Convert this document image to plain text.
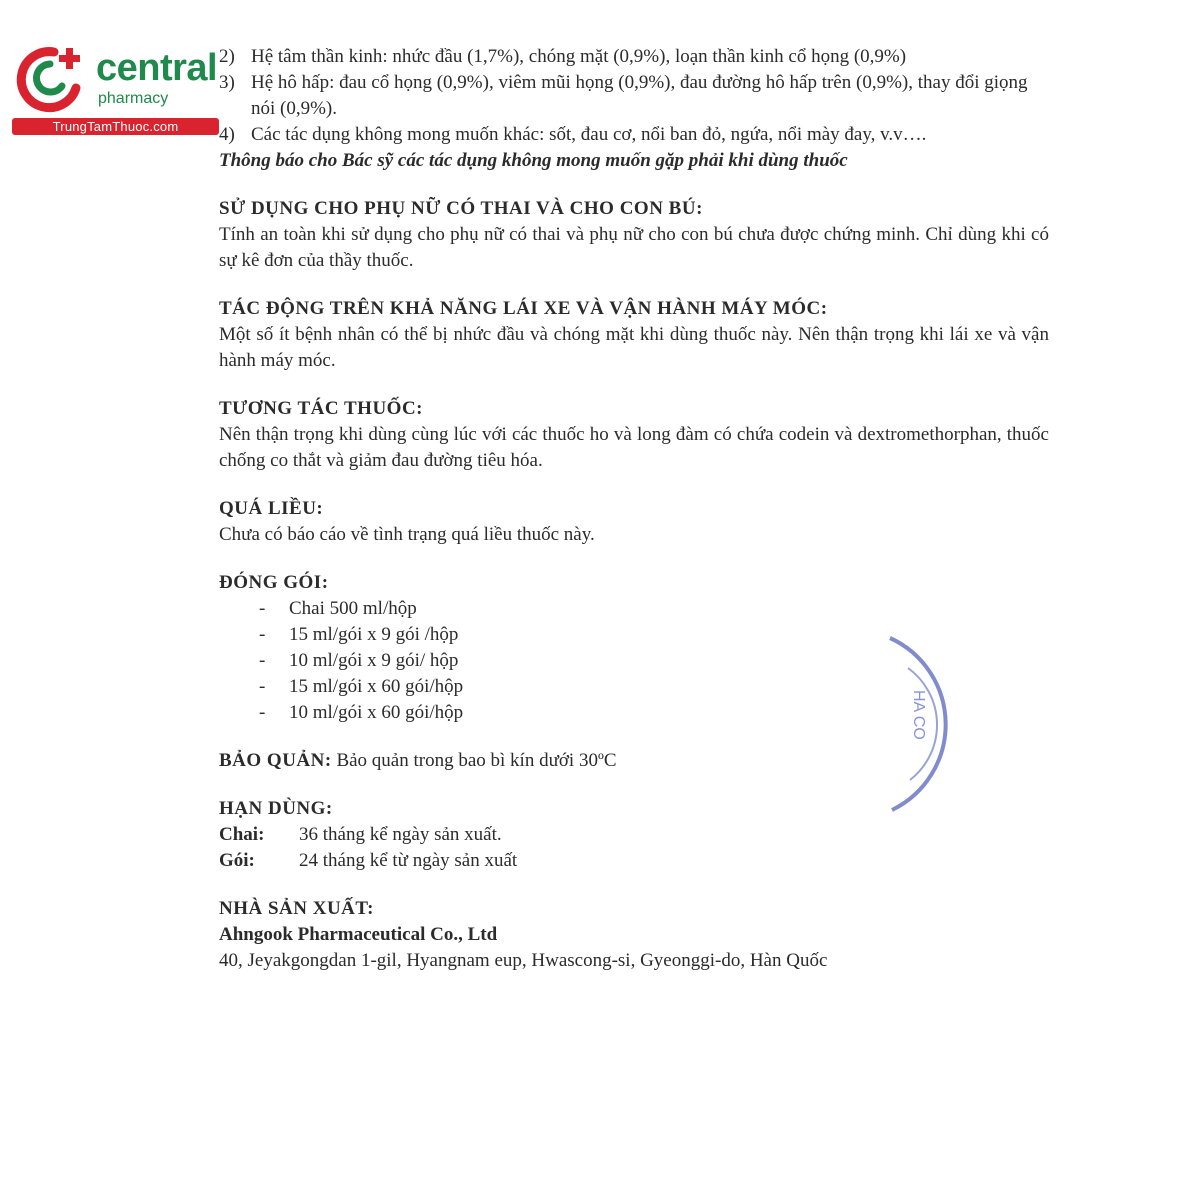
central
pharmacy
TrungTamThuoc.com

2) Hệ tâm thần kinh: nhức đầu (1,7%), chóng mặt (0,9%), loạn thần kinh cổ họng (0,9%)

3) Hệ hô hấp: đau cổ họng (0,9%), viêm mũi họng (0,9%), đau đường hô hấp trên (0,9%), thay đổi giọng nói (0,9%).

4) Các tác dụng không mong muốn khác: sốt, đau cơ, nổi ban đỏ, ngứa, nổi mày đay, v.v….

Thông báo cho Bác sỹ các tác dụng không mong muốn gặp phải khi dùng thuốc

SỬ DỤNG CHO PHỤ NỮ CÓ THAI VÀ CHO CON BÚ:

Tính an toàn khi sử dụng cho phụ nữ có thai và phụ nữ cho con bú chưa được chứng minh. Chỉ dùng khi có sự kê đơn của thầy thuốc.

TÁC ĐỘNG TRÊN KHẢ NĂNG LÁI XE VÀ VẬN HÀNH MÁY MÓC:

Một số ít bệnh nhân có thể bị nhức đầu và chóng mặt khi dùng thuốc này. Nên thận trọng khi lái xe và vận hành máy móc.

TƯƠNG TÁC THUỐC:

Nên thận trọng khi dùng cùng lúc với các thuốc ho và long đàm có chứa codein và dextromethorphan, thuốc chống co thắt và giảm đau đường tiêu hóa.

QUÁ LIỀU:

Chưa có báo cáo về tình trạng quá liều thuốc này.

ĐÓNG GÓI:

- Chai 500 ml/hộp
- 15 ml/gói x 9 gói /hộp
- 10 ml/gói x 9 gói/ hộp
- 15 ml/gói x 60 gói/hộp
- 10 ml/gói x 60 gói/hộp

BẢO QUẢN: Bảo quản trong bao bì kín dưới 30ºC

HẠN DÙNG:

Chai:	36 tháng kể ngày sản xuất.
Gói:	24 tháng kể từ ngày sản xuất

NHÀ SẢN XUẤT:

Ahngook Pharmaceutical Co., Ltd

40, Jeyakgongdan 1-gil, Hyangnam eup, Hwascong-si, Gyeonggi-do, Hàn Quốc

HA CO
